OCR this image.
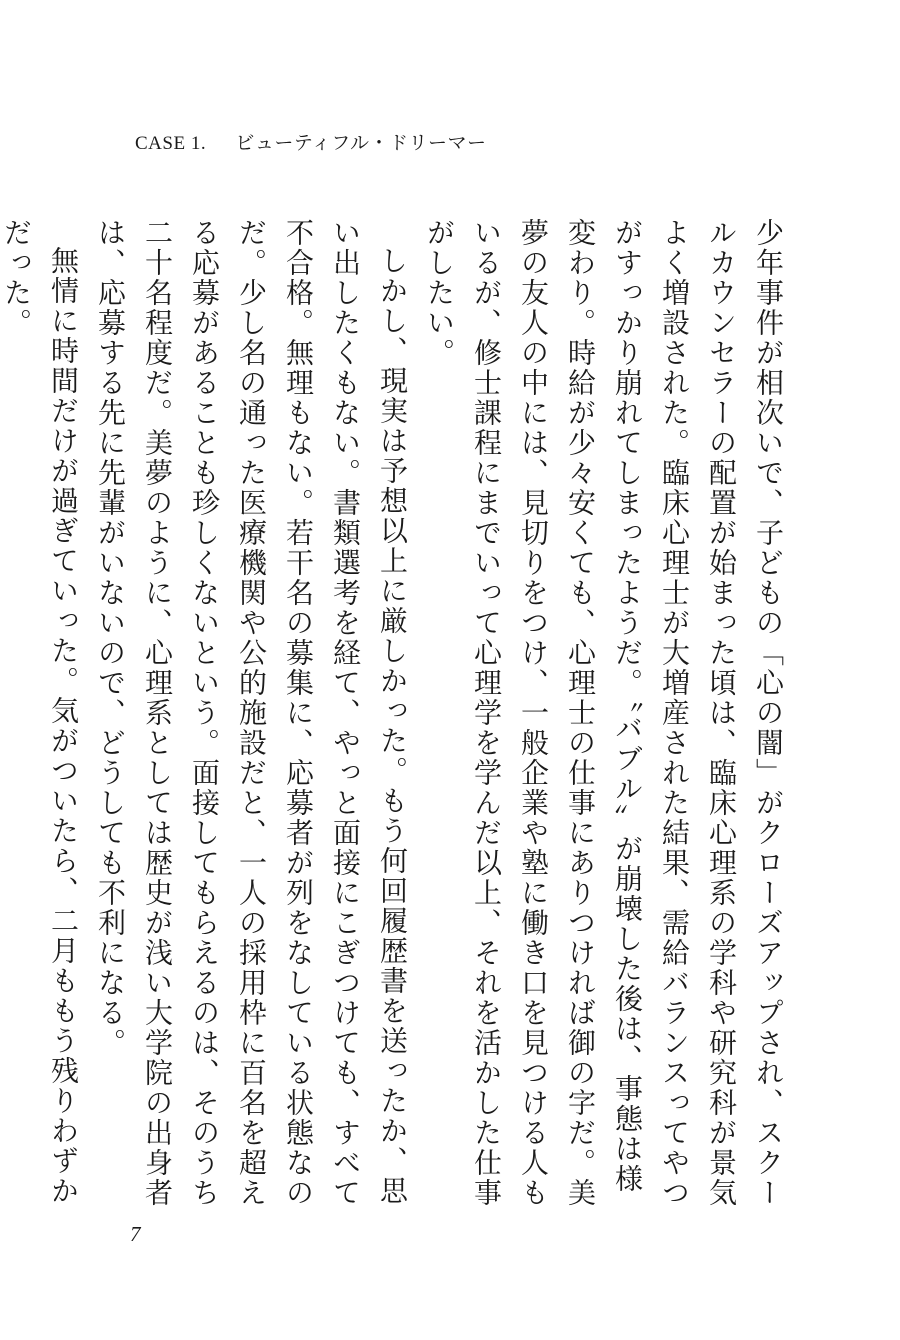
CASE 1. ビューティフル・ドリーマー

少年事件が相次いで、子どもの「心の闇」がクローズアップされ、スクールカウンセラーの配置が始まった頃は、臨床心理系の学科や研究科が景気よく増設された。臨床心理士が大増産された結果、需給バランスってやつがすっかり崩れてしまったようだ。〝バブル〟が崩壊した後は、事態は様変わり。時給が少々安くても、心理士の仕事にありつければ御の字だ。美夢の友人の中には、見切りをつけ、一般企業や塾に働き口を見つける人もいるが、修士課程にまでいって心理学を学んだ以上、それを活かした仕事がしたい。

しかし、現実は予想以上に厳しかった。もう何回履歴書を送ったか、思い出したくもない。書類選考を経て、やっと面接にこぎつけても、すべて不合格。無理もない。若干名の募集に、応募者が列をなしている状態なのだ。少し名の通った医療機関や公的施設だと、一人の採用枠に百名を超える応募があることも珍しくないという。面接してもらえるのは、そのうち二十名程度だ。美夢のように、心理系としては歴史が浅い大学院の出身者は、応募する先に先輩がいないので、どうしても不利になる。

無情に時間だけが過ぎていった。気がついたら、二月ももう残りわずかだった。

7
